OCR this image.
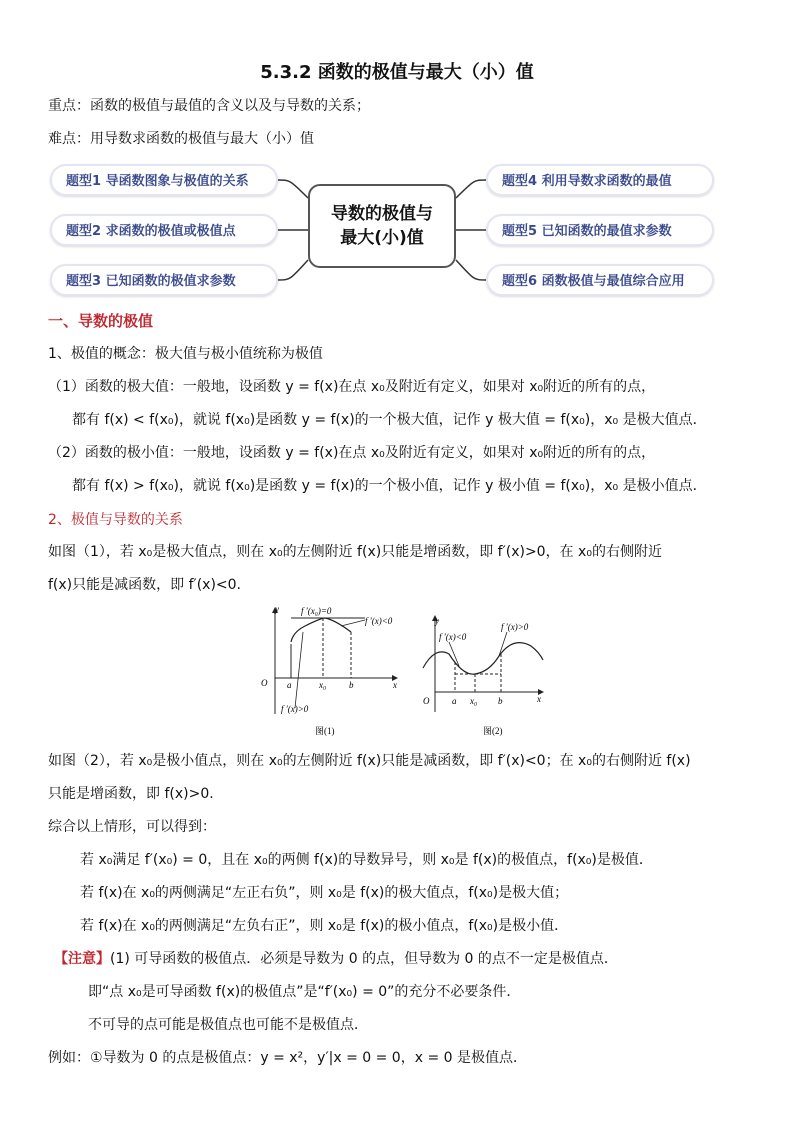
5.3.2 函数的极值与最大（小）值
重点：函数的极值与最值的含义以及与导数的关系；
难点：用导数求函数的极值与最大（小）值
导数的极值与
最大(小)值
题型1 导函数图象与极值的关系
题型2 求函数的极值或极值点
题型3 已知函数的极值求参数
题型4 利用导数求函数的最值
题型5 已知函数的最值求参数
题型6 函数极值与最值综合应用
一、导数的极值
1、极值的概念：极大值与极小值统称为极值
（1）函数的极大值：一般地，设函数 y = f(x)在点 x₀及附近有定义，如果对 x₀附近的所有的点，
都有 f(x) < f(x₀)，就说 f(x₀)是函数 y = f(x)的一个极大值，记作 y 极大值 = f(x₀)，x₀ 是极大值点．
（2）函数的极小值：一般地，设函数 y = f(x)在点 x₀及附近有定义，如果对 x₀附近的所有的点，
都有 f(x) > f(x₀)，就说 f(x₀)是函数 y = f(x)的一个极小值，记作 y 极小值 = f(x₀)，x₀ 是极小值点．
2、极值与导数的关系
如图（1），若 x₀是极大值点，则在 x₀的左侧附近 f(x)只能是增函数，即 f′(x)>0，在 x₀的右侧附近
f(x)只能是减函数，即 f′(x)<0.
y
O	x
a	x₀	b
f ′(x₀)=0
f ′(x)<0
f ′(x)>0
图(1)
y
O	x
a x₀ b
f ′(x)<0
f ′(x)>0
图(2)
如图（2），若 x₀是极小值点，则在 x₀的左侧附近 f(x)只能是减函数，即 f′(x)<0；在 x₀的右侧附近 f(x)
只能是增函数，即 f(x)>0.
综合以上情形，可以得到：
若 x₀满足 f′(x₀) = 0，且在 x₀的两侧 f(x)的导数异号，则 x₀是 f(x)的极值点，f(x₀)是极值．
若 f(x)在 x₀的两侧满足“左正右负”，则 x₀是 f(x)的极大值点，f(x₀)是极大值；
若 f(x)在 x₀的两侧满足“左负右正”，则 x₀是 f(x)的极小值点，f(x₀)是极小值．
【注意】(1) 可导函数的极值点．必须是导数为 0 的点，但导数为 0 的点不一定是极值点．
即“点 x₀是可导函数 f(x)的极值点”是“f′(x₀) = 0”的充分不必要条件．
不可导的点可能是极值点也可能不是极值点．
例如：①导数为 0 的点是极值点：y = x²，y′|x = 0 = 0，x = 0 是极值点．
